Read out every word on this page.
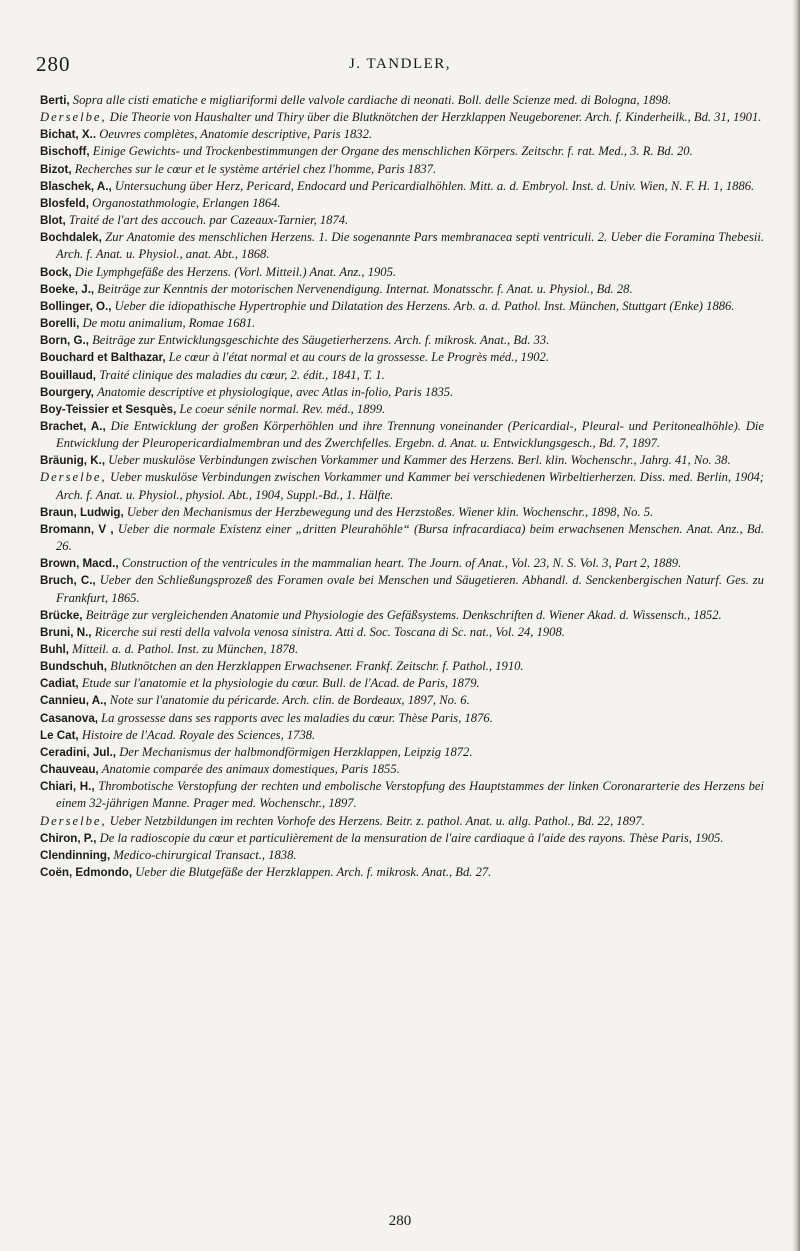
280	J. TANDLER,

Berti, Sopra alle cisti ematiche e migliariformi delle valvole cardiache di neonati. Boll. delle Scienze med. di Bologna, 1898.

Derselbe, Die Theorie von Haushalter und Thiry über die Blutknötchen der Herzklappen Neugeborener. Arch. f. Kinderheilk., Bd. 31, 1901.

Bichat, X.. Oeuvres complètes, Anatomie descriptive, Paris 1832.

Bischoff, Einige Gewichts- und Trockenbestimmungen der Organe des menschlichen Körpers. Zeitschr. f. rat. Med., 3. R. Bd. 20.

Bizot, Recherches sur le cœur et le système artériel chez l'homme, Paris 1837.

Blaschek, A., Untersuchung über Herz, Pericard, Endocard und Pericardialhöhlen. Mitt. a. d. Embryol. Inst. d. Univ. Wien, N. F. H. 1, 1886.

Blosfeld, Organostathmologie, Erlangen 1864.

Blot, Traité de l'art des accouch. par Cazeaux-Tarnier, 1874.

Bochdalek, Zur Anatomie des menschlichen Herzens. 1. Die sogenannte Pars membranacea septi ventriculi. 2. Ueber die Foramina Thebesii. Arch. f. Anat. u. Physiol., anat. Abt., 1868.

Bock, Die Lymphgefäße des Herzens. (Vorl. Mitteil.) Anat. Anz., 1905.

Boeke, J., Beiträge zur Kenntnis der motorischen Nervenendigung. Internat. Monatsschr. f. Anat. u. Physiol., Bd. 28.

Bollinger, O., Ueber die idiopathische Hypertrophie und Dilatation des Herzens. Arb. a. d. Pathol. Inst. München, Stuttgart (Enke) 1886.

Borelli, De motu animalium, Romae 1681.

Born, G., Beiträge zur Entwicklungsgeschichte des Säugetierherzens. Arch. f. mikrosk. Anat., Bd. 33.

Bouchard et Balthazar, Le cœur à l'état normal et au cours de la grossesse. Le Progrès méd., 1902.

Bouillaud, Traité clinique des maladies du cœur, 2. édit., 1841, T. 1.

Bourgery, Anatomie descriptive et physiologique, avec Atlas in-folio, Paris 1835.

Boy-Teissier et Sesquès, Le coeur sénile normal. Rev. méd., 1899.

Brachet, A., Die Entwicklung der großen Körperhöhlen und ihre Trennung voneinander (Pericardial-, Pleural- und Peritonealhöhle). Die Entwicklung der Pleuropericardialmembran und des Zwerchfelles. Ergebn. d. Anat. u. Entwicklungsgesch., Bd. 7, 1897.

Bräunig, K., Ueber muskulöse Verbindungen zwischen Vorkammer und Kammer des Herzens. Berl. klin. Wochenschr., Jahrg. 41, No. 38.

Derselbe, Ueber muskulöse Verbindungen zwischen Vorkammer und Kammer bei verschiedenen Wirbeltierherzen. Diss. med. Berlin, 1904; Arch. f. Anat. u. Physiol., physiol. Abt., 1904, Suppl.-Bd., 1. Hälfte.

Braun, Ludwig, Ueber den Mechanismus der Herzbewegung und des Herzstoßes. Wiener klin. Wochenschr., 1898, No. 5.

Bromann, V , Ueber die normale Existenz einer „dritten Pleurahöhle“ (Bursa infracardiaca) beim erwachsenen Menschen. Anat. Anz., Bd. 26.

Brown, Macd., Construction of the ventricules in the mammalian heart. The Journ. of Anat., Vol. 23, N. S. Vol. 3, Part 2, 1889.

Bruch, C., Ueber den Schließungsprozeß des Foramen ovale bei Menschen und Säugetieren. Abhandl. d. Senckenbergischen Naturf. Ges. zu Frankfurt, 1865.

Brücke, Beiträge zur vergleichenden Anatomie und Physiologie des Gefäßsystems. Denkschriften d. Wiener Akad. d. Wissensch., 1852.

Bruni, N., Ricerche sui resti della valvola venosa sinistra. Atti d. Soc. Toscana di Sc. nat., Vol. 24, 1908.

Buhl, Mitteil. a. d. Pathol. Inst. zu München, 1878.

Bundschuh, Blutknötchen an den Herzklappen Erwachsener. Frankf. Zeitschr. f. Pathol., 1910.

Cadiat, Etude sur l'anatomie et la physiologie du cœur. Bull. de l'Acad. de Paris, 1879.

Cannieu, A., Note sur l'anatomie du péricarde. Arch. clin. de Bordeaux, 1897, No. 6.

Casanova, La grossesse dans ses rapports avec les maladies du cœur. Thèse Paris, 1876.

Le Cat, Histoire de l'Acad. Royale des Sciences, 1738.

Ceradini, Jul., Der Mechanismus der halbmondförmigen Herzklappen, Leipzig 1872.

Chauveau, Anatomie comparée des animaux domestiques, Paris 1855.

Chiari, H., Thrombotische Verstopfung der rechten und embolische Verstopfung des Hauptstammes der linken Coronararterie des Herzens bei einem 32-jährigen Manne. Prager med. Wochenschr., 1897.

Derselbe, Ueber Netzbildungen im rechten Vorhofe des Herzens. Beitr. z. pathol. Anat. u. allg. Pathol., Bd. 22, 1897.

Chiron, P., De la radioscopie du cœur et particulièrement de la mensuration de l'aire cardiaque à l'aide des rayons. Thèse Paris, 1905.

Clendinning, Medico-chirurgical Transact., 1838.

Coën, Edmondo, Ueber die Blutgefäße der Herzklappen. Arch. f. mikrosk. Anat., Bd. 27.

280
